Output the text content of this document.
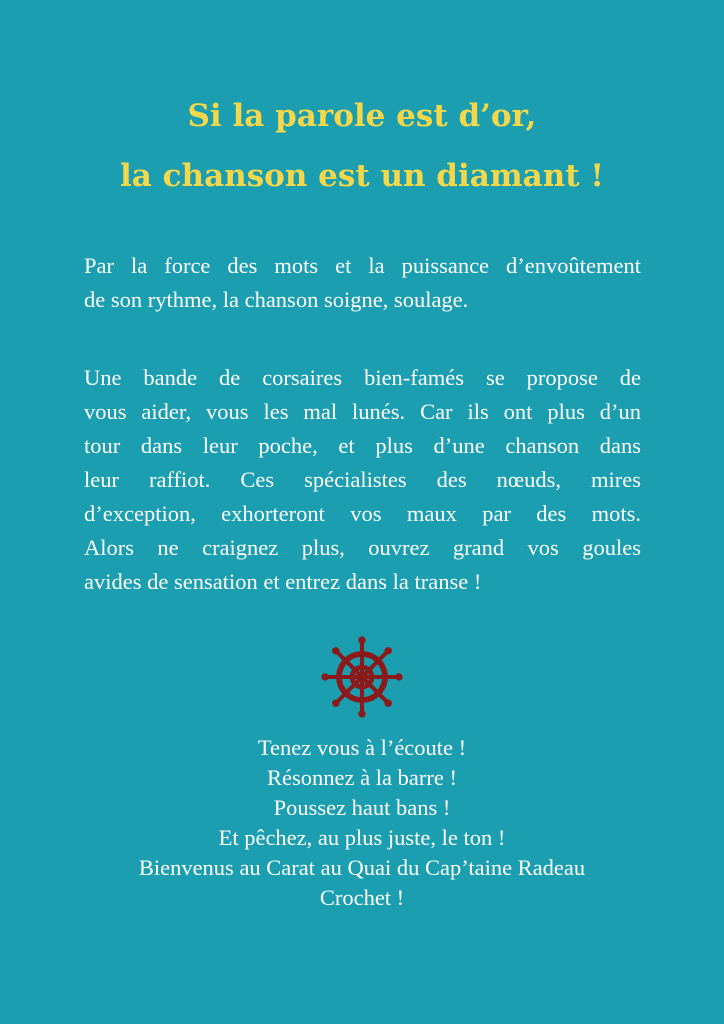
Si la parole est d’or,
la chanson est un diamant !

Par la force des mots et la puissance d’envoûtement
de son rythme, la chanson soigne, soulage.

Une bande de corsaires bien-famés se propose de
vous aider, vous les mal lunés. Car ils ont plus d’un
tour dans leur poche, et plus d’une chanson dans
leur raffiot. Ces spécialistes des nœuds, mires
d’exception, exhorteront vos maux par des mots.
Alors ne craignez plus, ouvrez grand vos goules
avides de sensation et entrez dans la transe !

Tenez vous à l’écoute !
Résonnez à la barre !
Poussez haut bans !
Et pêchez, au plus juste, le ton !
Bienvenus au Carat au Quai du Cap’taine Radeau
Crochet !
